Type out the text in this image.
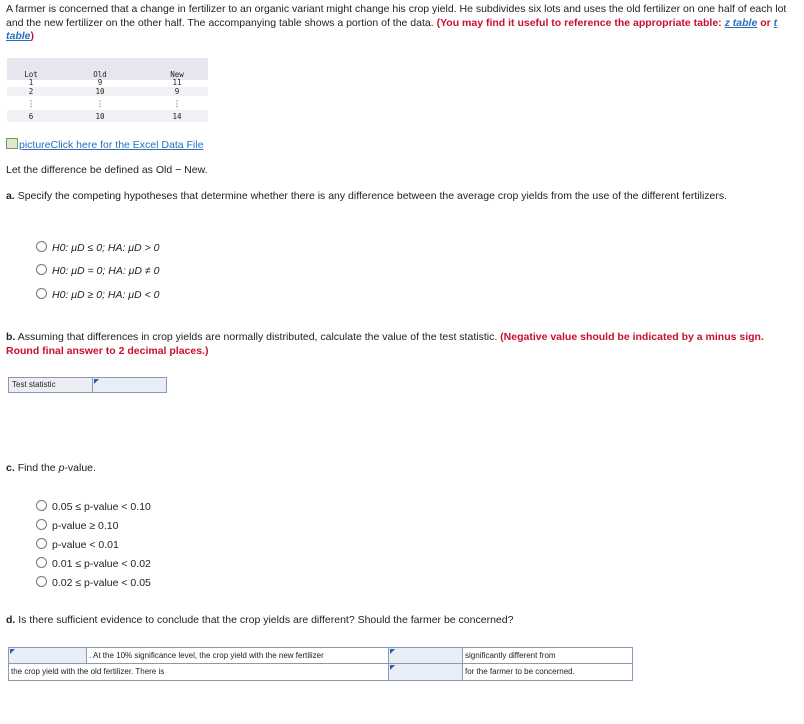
A farmer is concerned that a change in fertilizer to an organic variant might change his crop yield. He subdivides six lots and uses the old fertilizer on one half of each lot and the new fertilizer on the other half. The accompanying table shows a portion of the data. (You may find it useful to reference the appropriate table: z table or t table)
Lot	Old	New
1	9	11
2	10	9
⋮	⋮	⋮
6	10	14
pictureClick here for the Excel Data File
Let the difference be defined as Old − New.
a. Specify the competing hypotheses that determine whether there is any difference between the average crop yields from the use of the different fertilizers.
H0: μD ≤ 0; HA: μD > 0
H0: μD = 0; HA: μD ≠ 0
H0: μD ≥ 0; HA: μD < 0
b. Assuming that differences in crop yields are normally distributed, calculate the value of the test statistic. (Negative value should be indicated by a minus sign. Round final answer to 2 decimal places.)
Test statistic
c. Find the p-value.
0.05 ≤ p-value < 0.10
p-value ≥ 0.10
p-value < 0.01
0.01 ≤ p-value < 0.02
0.02 ≤ p-value < 0.05
d. Is there sufficient evidence to conclude that the crop yields are different? Should the farmer be concerned?
. At the 10% significance level, the crop yield with the new fertilizer	significantly different from
the crop yield with the old fertilizer. There is	for the farmer to be concerned.
